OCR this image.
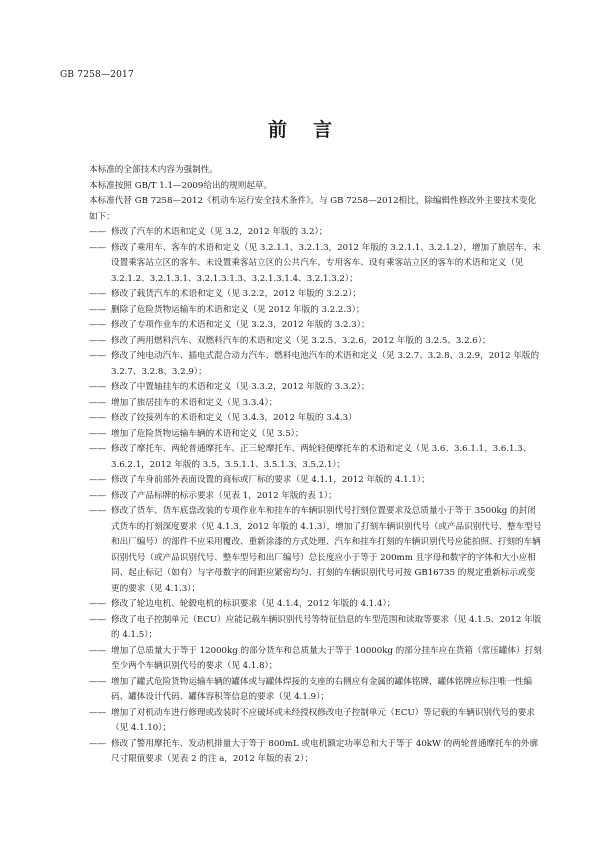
GB 7258—2017
前言

本标准的全部技术内容为强制性。

本标准按照 GB/T 1.1—2009给出的规则起草。

本标准代替 GB 7258—2012《机动车运行安全技术条件》。与 GB 7258—2012相比，除编辑性修改外主要技术变化如下：

—— 修改了汽车的术语和定义（见 3.2，2012 年版的 3.2）；
—— 修改了乘用车、客车的术语和定义（见 3.2.1.1、3.2.1.3，2012 年版的 3.2.1.1、3.2.1.2），增加了旅居车、未设置乘客站立区的客车、未设置乘客站立区的公共汽车、专用客车、设有乘客站立区的客车的术语和定义（见 3.2.1.2、3.2.1.3.1、3.2.1.3.1.3、3.2.1.3.1.4、3.2.1.3.2）；
—— 修改了载货汽车的术语和定义（见 3.2.2，2012 年版的 3.2.2）；
—— 删除了危险货物运输车的术语和定义（见 2012 年版的 3.2.2.3）；
—— 修改了专项作业车的术语和定义（见 3.2.3，2012 年版的 3.2.3）；
—— 修改了两用燃料汽车、双燃料汽车的术语和定义（见 3.2.5、3.2.6，2012 年版的 3.2.5、3.2.6）；
—— 修改了纯电动汽车、插电式混合动力汽车、燃料电池汽车的术语和定义（见 3.2.7、3.2.8、3.2.9，2012 年版的 3.2.7、3.2.8、3.2.9）；
—— 修改了中置轴挂车的术语和定义（见 3.3.2，2012 年版的 3.3.2）；
—— 增加了旅居挂车的术语和定义（见 3.3.4）；
—— 修改了铰接列车的术语和定义（见 3.4.3，2012 年版的 3.4.3）
—— 增加了危险货物运输车辆的术语和定义（见 3.5）；
—— 修改了摩托车、两轮普通摩托车、正三轮摩托车、两轮轻便摩托车的术语和定义（见 3.6、3.6.1.1、3.6.1.3、3.6.2.1，2012 年版的 3.5、3.5.1.1、3.5.1.3、3.5.2.1）；
—— 修改了车身前部外表面设置的商标或厂标的要求（见 4.1.1，2012 年版的 4.1.1）；
—— 修改了产品标牌的标示要求（见表 1，2012 年版的表 1）；
—— 修改了货车、货车底盘改装的专项作业车和挂车的车辆识别代号打刻位置要求及总质量小于等于 3500kg 的封闭式货车的打刻深度要求（见 4.1.3，2012 年版的 4.1.3），增加了打刻车辆识别代号（或产品识别代号、整车型号和出厂编号）的部件不应采用覆改、重新涂漆的方式处理、汽车和挂车打刻的车辆识别代号应能拍照、打刻的车辆识别代号（或产品识别代号、整车型号和出厂编号）总长度应小于等于 200mm 且字母和数字的字体和大小应相同、起止标记（如有）与字母数字的间距应紧密均匀、打刻的车辆识别代号可按 GB16735 的规定重新标示或变更的要求（见 4.1.3）；
—— 修改了轮边电机、轮毂电机的标识要求（见 4.1.4，2012 年版的 4.1.4）；
—— 修改了电子控制单元（ECU）应能记载车辆识别代号等特征信息的车型范围和读取等要求（见 4.1.5、2012 年版的 4.1.5）；
—— 增加了总质量大于等于 12000kg 的部分货车和总质量大于等于 10000kg 的部分挂车应在货箱（常压罐体）打刻至少两个车辆识别代号的要求（见 4.1.8）；
—— 增加了罐式危险货物运输车辆的罐体或与罐体焊接的支座的右侧应有金属的罐体铭牌，罐体铭牌应标注唯一性编码、罐体设计代码、罐体容积等信息的要求（见 4.1.9）；
—— 增加了对机动车进行修理或改装时不应破坏或未经授权修改电子控制单元（ECU）等记载的车辆识别代号的要求（见 4.1.10）；
—— 修改了警用摩托车、发动机排量大于等于 800mL 或电机额定功率总和大于等于 40kW 的两轮普通摩托车的外廓尺寸限值要求（见表 2 的注 a，2012 年版的表 2）；
